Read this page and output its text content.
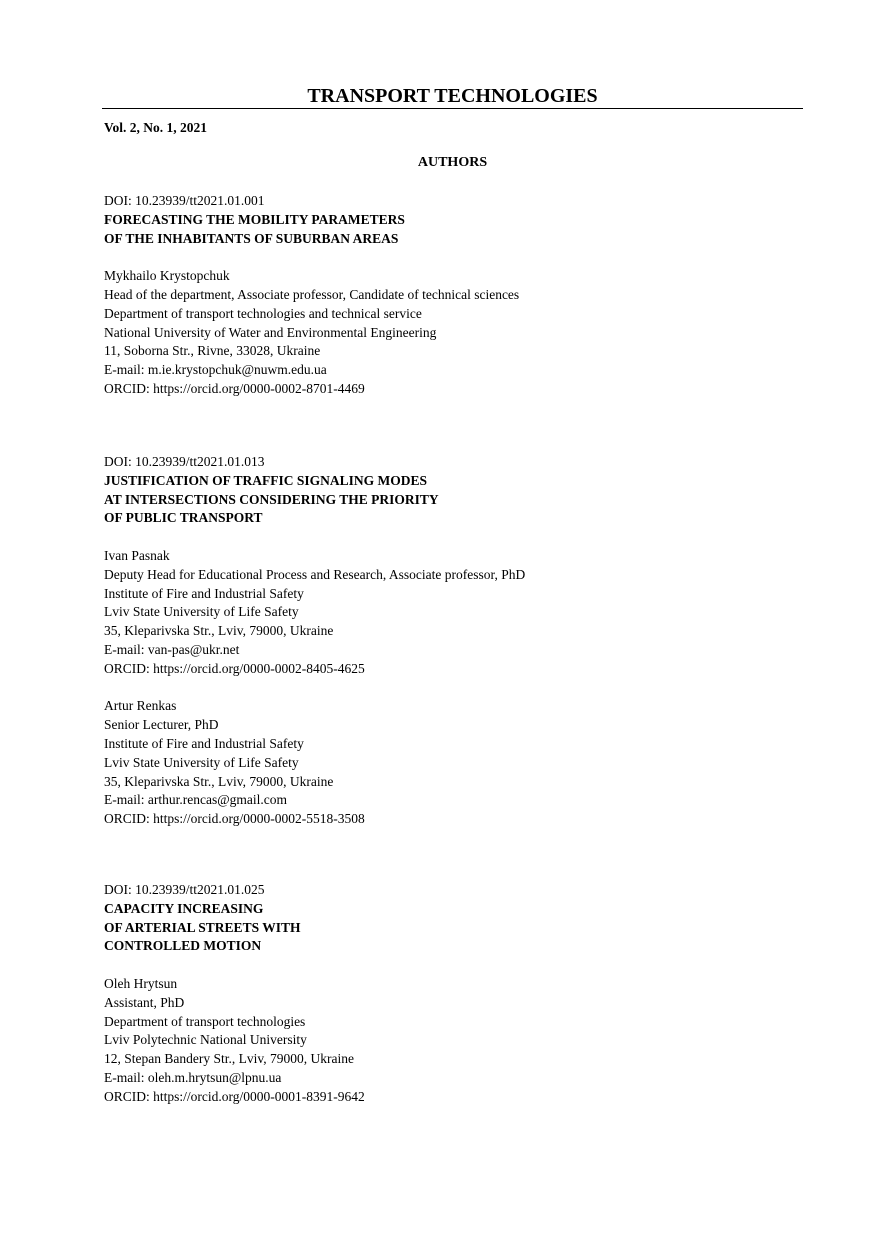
TRANSPORT TECHNOLOGIES
Vol. 2, No. 1, 2021
AUTHORS
DOI: 10.23939/tt2021.01.001
FORECASTING THE MOBILITY PARAMETERS
OF THE INHABITANTS OF SUBURBAN AREAS
Mykhailo Krystopchuk
Head of the department, Associate professor, Candidate of technical sciences
Department of transport technologies and technical service
National University of Water and Environmental Engineering
11, Soborna Str., Rivne, 33028, Ukraine
E-mail: m.ie.krystopchuk@nuwm.edu.ua
ORCID: https://orcid.org/0000-0002-8701-4469
DOI: 10.23939/tt2021.01.013
JUSTIFICATION OF TRAFFIC SIGNALING MODES
AT INTERSECTIONS CONSIDERING THE PRIORITY
OF PUBLIC TRANSPORT
Ivan Pasnak
Deputy Head for Educational Process and Research, Associate professor, PhD
Institute of Fire and Industrial Safety
Lviv State University of Life Safety
35, Kleparivska Str., Lviv, 79000, Ukraine
E-mail: van-pas@ukr.net
ORCID: https://orcid.org/0000-0002-8405-4625
Artur Renkas
Senior Lecturer, PhD
Institute of Fire and Industrial Safety
Lviv State University of Life Safety
35, Kleparivska Str., Lviv, 79000, Ukraine
E-mail: arthur.rencas@gmail.com
ORCID: https://orcid.org/0000-0002-5518-3508
DOI: 10.23939/tt2021.01.025
CAPACITY INCREASING
OF ARTERIAL STREETS WITH
CONTROLLED MOTION
Oleh Hrytsun
Assistant, PhD
Department of transport technologies
Lviv Polytechnic National University
12, Stepan Bandery Str., Lviv, 79000, Ukraine
E-mail: oleh.m.hrytsun@lpnu.ua
ORCID: https://orcid.org/0000-0001-8391-9642
